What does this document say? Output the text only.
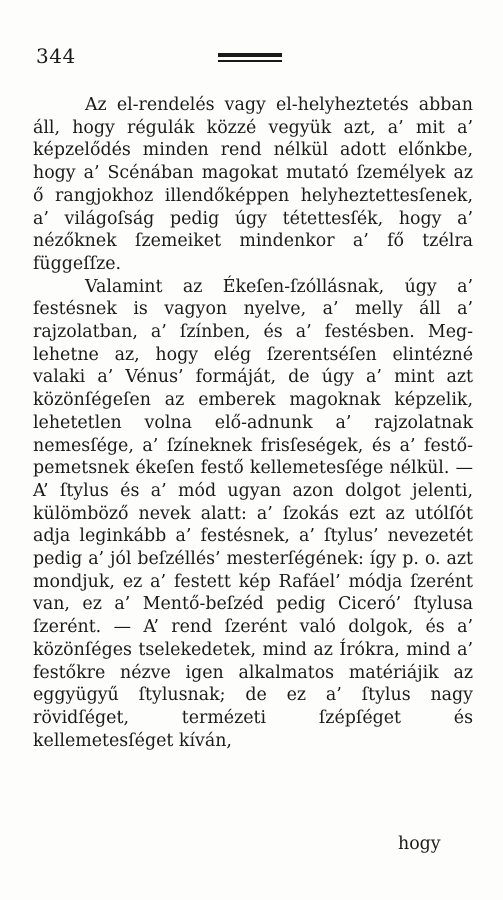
344

Az el-rendelés vagy el-helyheztetés abban áll, hogy régulák közzé vegyük azt, a’ mit a’ képzelődés minden rend nélkül adott előnkbe, hogy a’ Scénában magokat mutató ſzemélyek az ő rangjokhoz illendőképpen helyheztettesſenek, a’ világoſság pedig úgy tétettesſék, hogy a’ nézőknek ſzemeiket mindenkor a’ fő tzélra függeſſze.

Valamint az Ékeſen-ſzóllásnak, úgy a’ festésnek is vagyon nyelve, a’ melly áll a’ rajzolatban, a’ ſzínben, és a’ festésben. Meg-lehetne az, hogy elég ſzerentséſen elintézné valaki a’ Vénus’ formáját, de úgy a’ mint azt közönſégeſen az emberek magoknak képzelik, lehetetlen volna elő-adnunk a’ rajzolatnak nemesſége, a’ ſzíneknek frisſeségek, és a’ festő-pemetsnek ékeſen festő kellemetesſége nélkül. — A’ ſtylus és a’ mód ugyan azon dolgot jelenti, külömböző nevek alatt: a’ ſzokás ezt az utólſót adja leginkább a’ festésnek, a’ ſtylus’ nevezetét pedig a’ jól beſzéllés’ mesterſégének: így p. o. azt mondjuk, ez a’ festett kép Rafáel’ módja ſzerént van, ez a’ Mentő-beſzéd pedig Ciceró’ ſtylusa ſzerént. — A’ rend ſzerént való dolgok, és a’ közönſéges tselekedetek, mind az Írókra, mind a’ festőkre nézve igen alkalmatos matériájik az eggyügyű ſtylusnak; de ez a’ ſtylus nagy rövidſéget, termézeti ſzépſéget és kellemetesſéget kíván,

hogy
